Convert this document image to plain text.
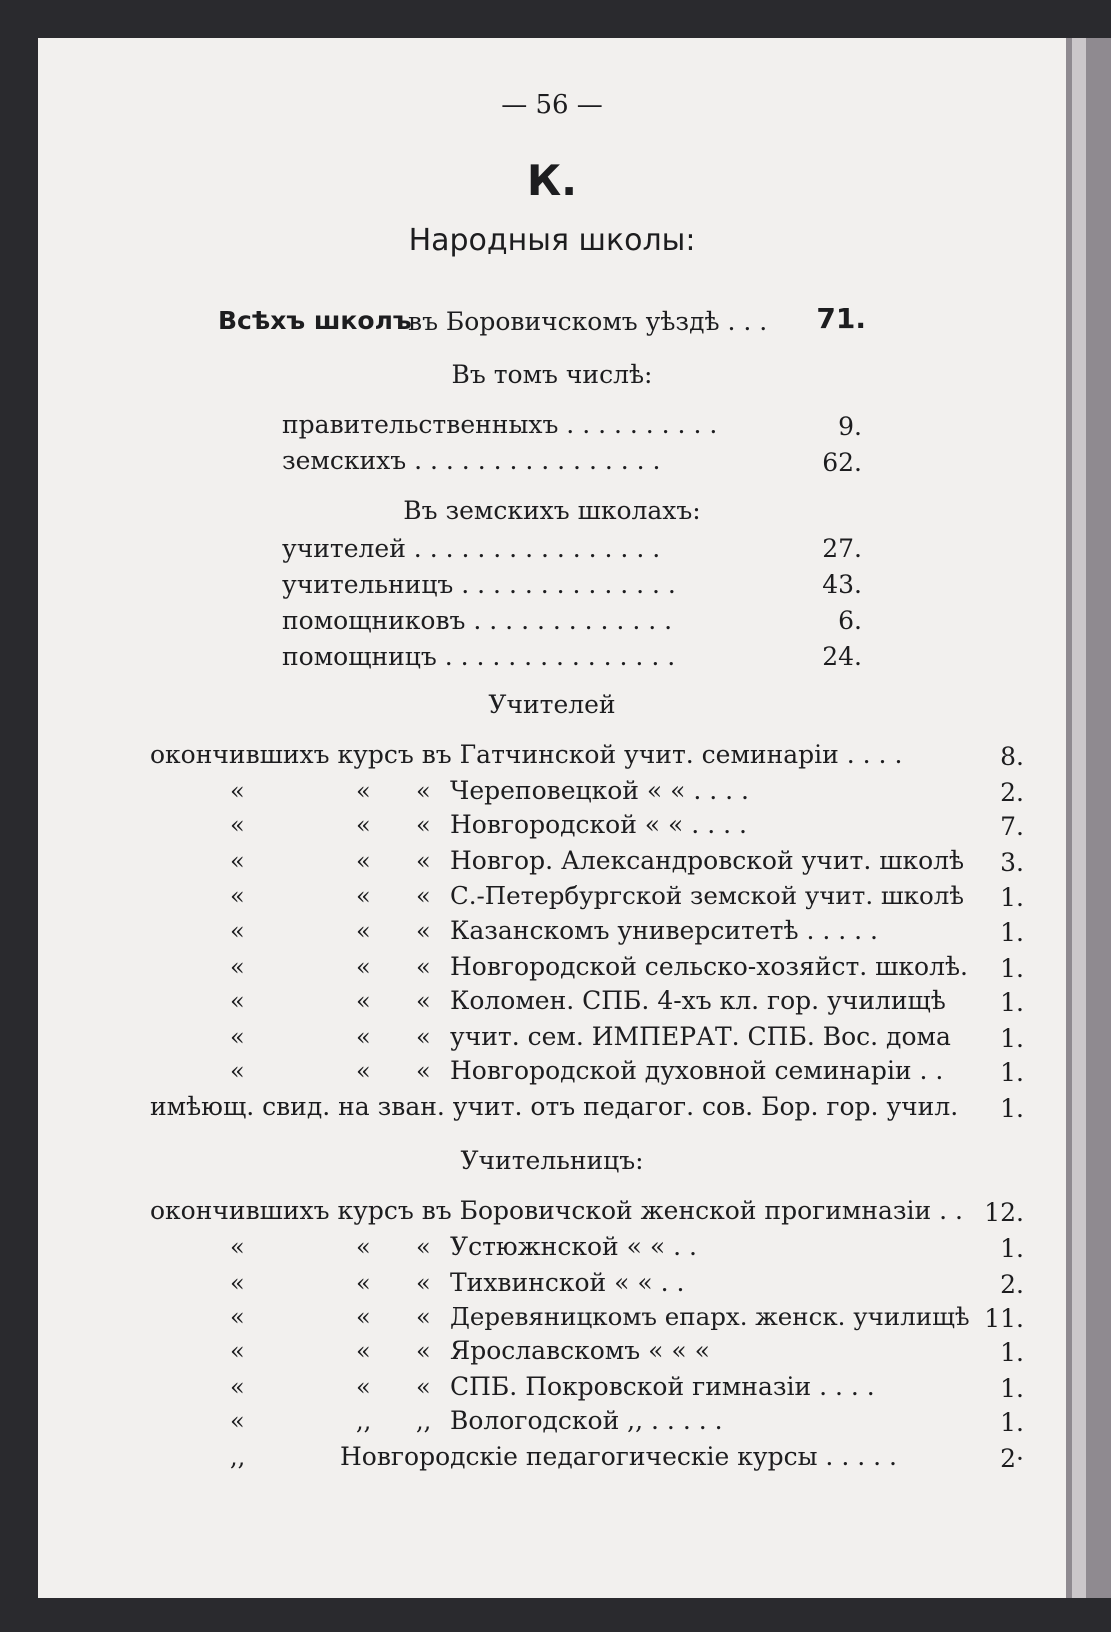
— 56 —
К.
Народныя школы:
Всѣхъ школъ
въ Боровичскомъ уѣздѣ . . . 71.
Въ томъ числѣ:
правительственныхъ . . . . . . . . . .	9.
земскихъ . . . . . . . . . . . . . . . .	62.
Въ земскихъ школахъ:
учителей . . . . . . . . . . . . . . . .	27.
учительницъ . . . . . . . . . . . . . .	43.
помощниковъ . . . . . . . . . . . . .	6.
помощницъ . . . . . . . . . . . . . . .	24.
Учителей
окончившихъ курсъ въ Гатчинской учит. семинаріи . . . .	8.
«	« « Череповецкой « « . . . .	2.
«	« « Новгородской « « . . . .	7.
«	« « Новгор. Александровской учит. школѣ 3.
«	« « С.-Петербургской земской учит. школѣ 1.
«	« « Казанскомъ университетѣ . . . . .	1.
«	« « Новгородской сельско-хозяйст. школѣ. 1.
«	« « Коломен. СПБ. 4-хъ кл. гор. училищѣ 1.
«	« « учит. сем. ИМПЕРАТ. СПБ. Вос. дома 1.
«	« « Новгородской духовной семинаріи . . 1.
имѣющ. свид. на зван. учит. отъ педагог. сов. Бор. гор. учил. 1.
Учительницъ:
окончившихъ курсъ въ Боровичской женской прогимназіи . . 12.
«	« « Устюжнской « « . .	1.
«	« « Тихвинской « « . .	2.
«	« « Деревяницкомъ епарх. женск. училищѣ 11.
«	« « Ярославскомъ « « «	1.
«	« « СПБ. Покровской гимназіи . . . .	1.
«	,, ,, Вологодской ,, . . . . .	1.
,,	Новгородскіе педагогическіе курсы . . . . .	2·
